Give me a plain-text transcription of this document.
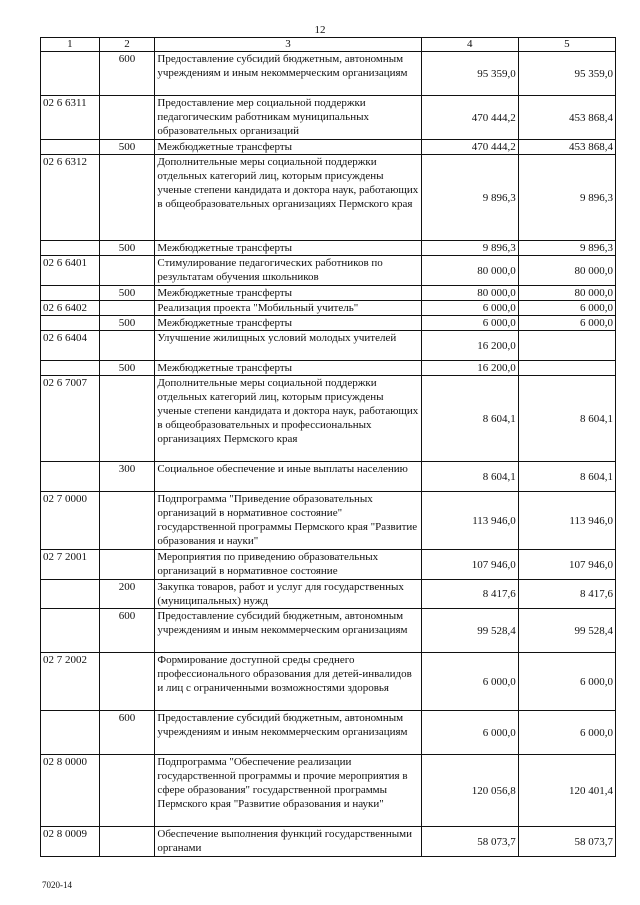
12
1	2	3	4	5
	600	Предоставление субсидий бюджетным, автономным учреждениям и иным некоммерческим организациям	95 359,0	95 359,0
02 6 6311		Предоставление мер социальной поддержки педагогическим работникам муниципальных образовательных организаций	470 444,2	453 868,4
	500	Межбюджетные трансферты	470 444,2	453 868,4
02 6 6312		Дополнительные меры социальной поддержки отдельных категорий лиц, которым присуждены ученые степени кандидата и доктора наук, работающих в общеобразовательных организациях Пермского края	9 896,3	9 896,3
	500	Межбюджетные трансферты	9 896,3	9 896,3
02 6 6401		Стимулирование педагогических работников по результатам обучения школьников	80 000,0	80 000,0
	500	Межбюджетные трансферты	80 000,0	80 000,0
02 6 6402		Реализация проекта "Мобильный учитель"	6 000,0	6 000,0
	500	Межбюджетные трансферты	6 000,0	6 000,0
02 6 6404		Улучшение жилищных условий молодых учителей	16 200,0	
	500	Межбюджетные трансферты	16 200,0	
02 6 7007		Дополнительные меры социальной поддержки отдельных категорий лиц, которым присуждены ученые степени кандидата и доктора наук, работающих в общеобразовательных и профессиональных организациях Пермского края	8 604,1	8 604,1
	300	Социальное обеспечение и иные выплаты населению	8 604,1	8 604,1
02 7 0000		Подпрограмма "Приведение образовательных организаций в нормативное состояние" государственной программы Пермского края "Развитие образования и науки"	113 946,0	113 946,0
02 7 2001		Мероприятия по приведению образовательных организаций в нормативное состояние	107 946,0	107 946,0
	200	Закупка товаров, работ и услуг для государственных (муниципальных) нужд	8 417,6	8 417,6
	600	Предоставление субсидий бюджетным, автономным учреждениям и иным некоммерческим организациям	99 528,4	99 528,4
02 7 2002		Формирование доступной среды среднего профессионального образования для детей-инвалидов и лиц с ограниченными возможностями здоровья	6 000,0	6 000,0
	600	Предоставление субсидий бюджетным, автономным учреждениям и иным некоммерческим организациям	6 000,0	6 000,0
02 8 0000		Подпрограмма "Обеспечение реализации государственной программы и прочие мероприятия в сфере образования" государственной программы Пермского края "Развитие образования и науки"	120 056,8	120 401,4
02 8 0009		Обеспечение выполнения функций государственными органами	58 073,7	58 073,7
7020-14
